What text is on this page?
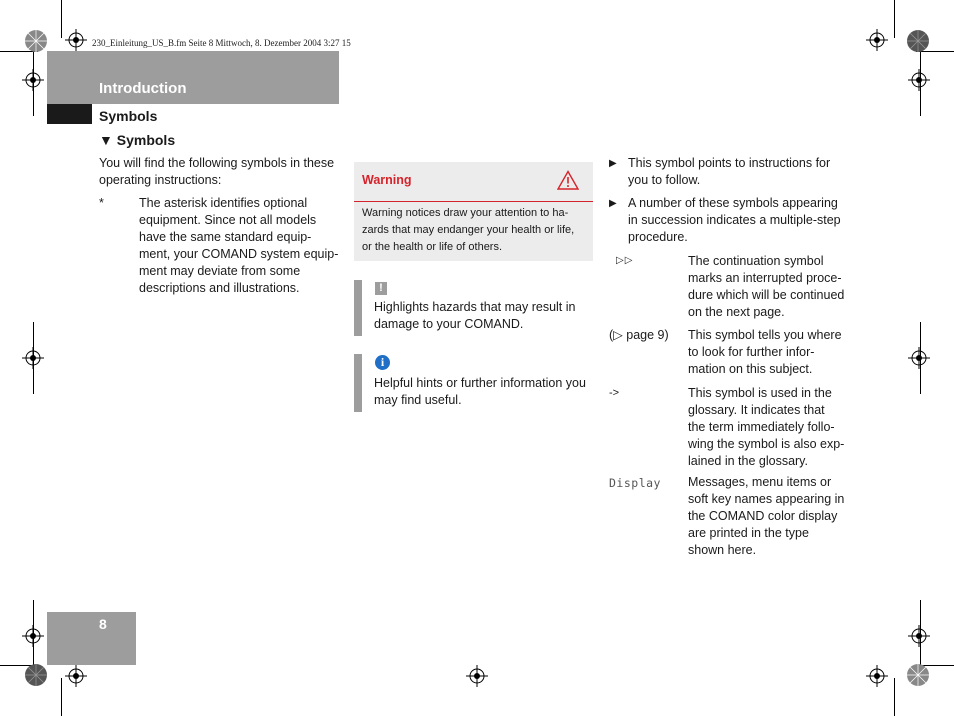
230_Einleitung_US_B.fm Seite 8 Mittwoch, 8. Dezember 2004 3:27 15
Introduction
Symbols
▼ Symbols
You will find the following symbols in these operating instructions:
*	The asterisk identifies optional
equipment. Since not all models
have the same standard equip-
ment, your COMAND system equip-
ment may deviate from some
descriptions and illustrations.
Warning
Warning notices draw your attention to ha-
zards that may endanger your health or life,
or the health or life of others.
!
Highlights hazards that may result in
damage to your COMAND.
i
Helpful hints or further information you
may find useful.
▶ This symbol points to instructions for
you to follow.
▶ A number of these symbols appearing
in succession indicates a multiple-step
procedure.
▷▷	The continuation symbol
marks an interrupted proce-
dure which will be continued
on the next page.
(▷ page 9) This symbol tells you where
to look for further infor-
mation on this subject.
->	This symbol is used in the
glossary. It indicates that
the term immediately follo-
wing the symbol is also exp-
lained in the glossary.
Display Messages, menu items or
soft key names appearing in
the COMAND color display
are printed in the type
shown here.
8
